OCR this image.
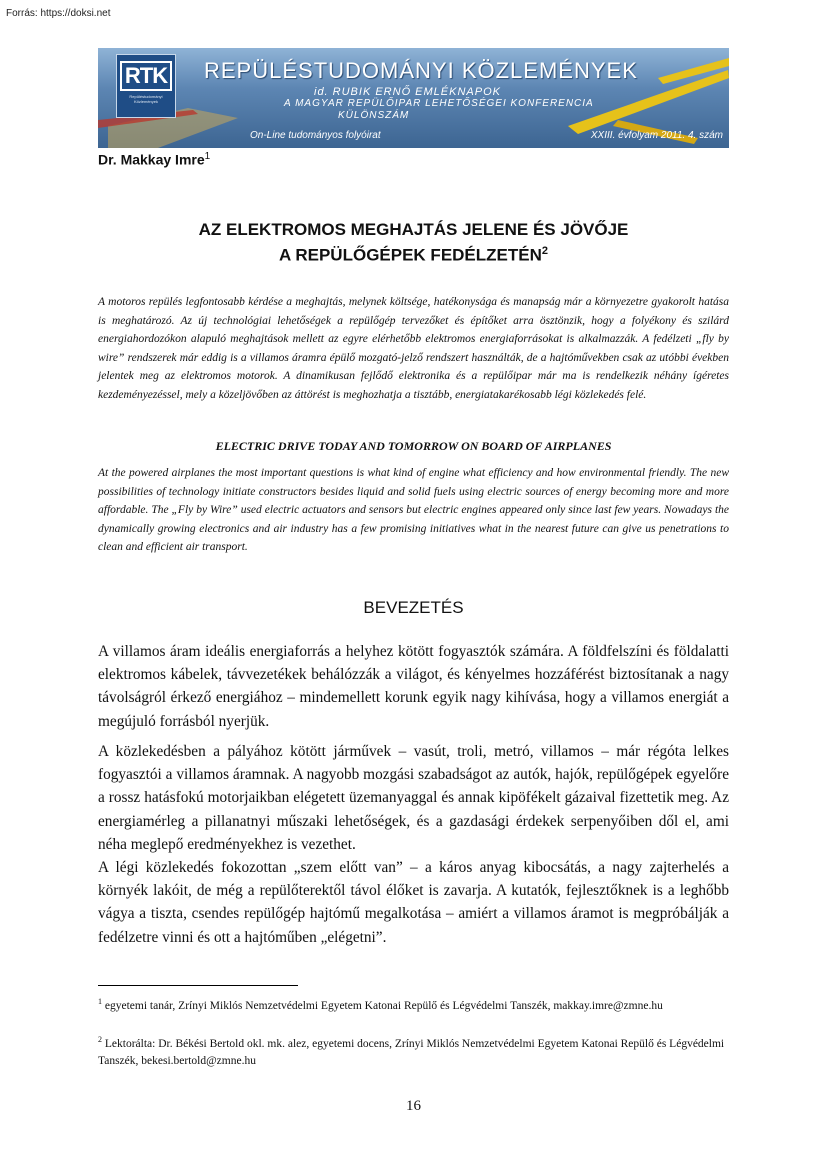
Forrás: https://doksi.net
RTK
Repüléstudományi Közlemények
REPÜLÉSTUDOMÁNYI KÖZLEMÉNYEK
id. RUBIK ERNŐ EMLÉKNAPOK
A MAGYAR REPÜLŐIPAR LEHETŐSÉGEI KONFERENCIA
KÜLÖNSZÁM
On-Line tudományos folyóirat	XXIII. évfolyam 2011. 4. szám
Dr. Makkay Imre$^1$
AZ ELEKTROMOS MEGHAJTÁS JELENE ÉS JÖVŐJE
A REPÜLŐGÉPEK FEDÉLZETÉN$^2$
A motoros repülés legfontosabb kérdése a meghajtás, melynek költsége, hatékonysága és manapság már a környezetre gyakorolt hatása is meghatározó. Az új technológiai lehetőségek a repülőgép tervezőket és építőket arra ösztönzik, hogy a folyékony és szilárd energiahordozókon alapuló meghajtások mellett az egyre elérhetőbb elektromos energiaforrásokat is alkalmazzák. A fedélzeti „fly by wire” rendszerek már eddig is a villamos áramra épülő mozgató-jelző rendszert használták, de a hajtóművekben csak az utóbbi években jelentek meg az elektromos motorok. A dinamikusan fejlődő elektronika és a repülőipar már ma is rendelkezik néhány ígéretes kezdeményezéssel, mely a közeljövőben az áttörést is meghozhatja a tisztább, energiatakarékosabb légi közlekedés felé.
ELECTRIC DRIVE TODAY AND TOMORROW ON BOARD OF AIRPLANES
At the powered airplanes the most important questions is what kind of engine what efficiency and how environmental friendly. The new possibilities of technology initiate constructors besides liquid and solid fuels using electric sources of energy becoming more and more affordable. The „Fly by Wire” used electric actuators and sensors but electric engines appeared only since last few years. Nowadays the dynamically growing electronics and air industry has a few promising initiatives what in the nearest future can give us penetrations to clean and efficient air transport.
BEVEZETÉS
A villamos áram ideális energiaforrás a helyhez kötött fogyasztók számára. A földfelszíni és földalatti elektromos kábelek, távvezetékek behálózzák a világot, és kényelmes hozzáférést biztosítanak a nagy távolságról érkező energiához – mindemellett korunk egyik nagy kihívása, hogy a villamos energiát a megújuló forrásból nyerjük.
A közlekedésben a pályához kötött járművek – vasút, troli, metró, villamos – már régóta lelkes fogyasztói a villamos áramnak. A nagyobb mozgási szabadságot az autók, hajók, repülőgépek egyelőre a rossz hatásfokú motorjaikban elégetett üzemanyaggal és annak kipöfékelt gázaival fizettetik meg. Az energiamérleg a pillanatnyi műszaki lehetőségek, és a gazdasági érdekek serpenyőiben dől el, ami néha meglepő eredményekhez is vezethet.
A légi közlekedés fokozottan „szem előtt van” – a káros anyag kibocsátás, a nagy zajterhelés a környék lakóit, de még a repülőterektől távol élőket is zavarja. A kutatók, fejlesztőknek is a leghőbb vágya a tiszta, csendes repülőgép hajtómű megalkotása – amiért a villamos áramot is megpróbálják a fedélzetre vinni és ott a hajtóműben „elégetni”.
$^1$ egyetemi tanár, Zrínyi Miklós Nemzetvédelmi Egyetem Katonai Repülő és Légvédelmi Tanszék, makkay.imre@zmne.hu
$^2$ Lektorálta: Dr. Békési Bertold okl. mk. alez, egyetemi docens, Zrínyi Miklós Nemzetvédelmi Egyetem Katonai Repülő és Légvédelmi Tanszék, bekesi.bertold@zmne.hu
16
